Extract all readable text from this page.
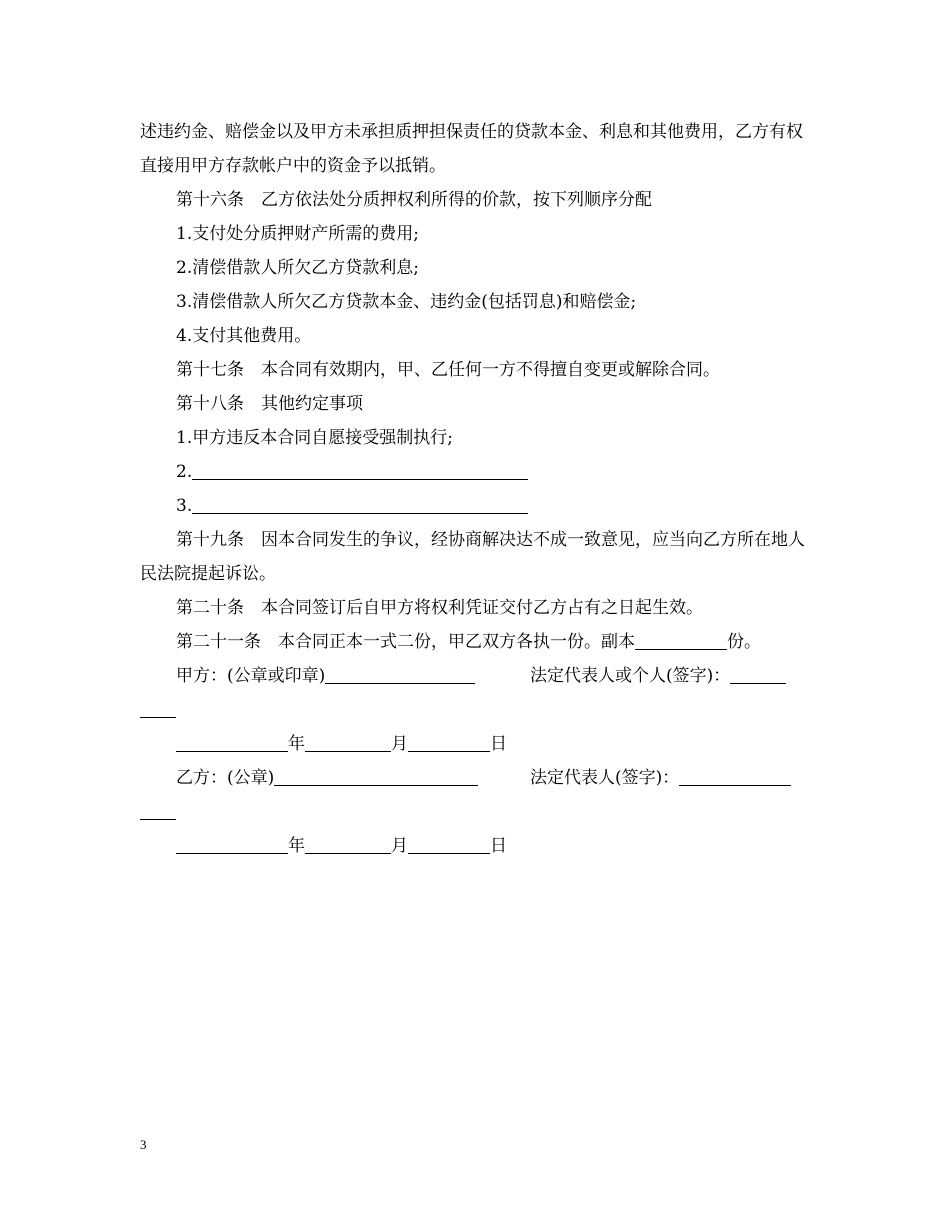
述违约金、赔偿金以及甲方未承担质押担保责任的贷款本金、利息和其他费用，乙方有权直接用甲方存款帐户中的资金予以抵销。

第十六条　乙方依法处分质押权利所得的价款，按下列顺序分配

1.支付处分质押财产所需的费用;

2.清偿借款人所欠乙方贷款利息;

3.清偿借款人所欠乙方贷款本金、违约金(包括罚息)和赔偿金;

4.支付其他费用。

第十七条　本合同有效期内，甲、乙任何一方不得擅自变更或解除合同。

第十八条　其他约定事项

1.甲方违反本合同自愿接受强制执行;

2.

3.

第十九条　因本合同发生的争议，经协商解决达不成一致意见，应当向乙方所在地人民法院提起诉讼。

第二十条　本合同签订后自甲方将权利凭证交付乙方占有之日起生效。

第二十一条　本合同正本一式二份，甲乙双方各执一份。副本	份。

甲方：(公章或印章)	法定代表人或个人(签字)：

年	月	日

乙方：(公章)	法定代表人(签字)：

年	月	日

3
